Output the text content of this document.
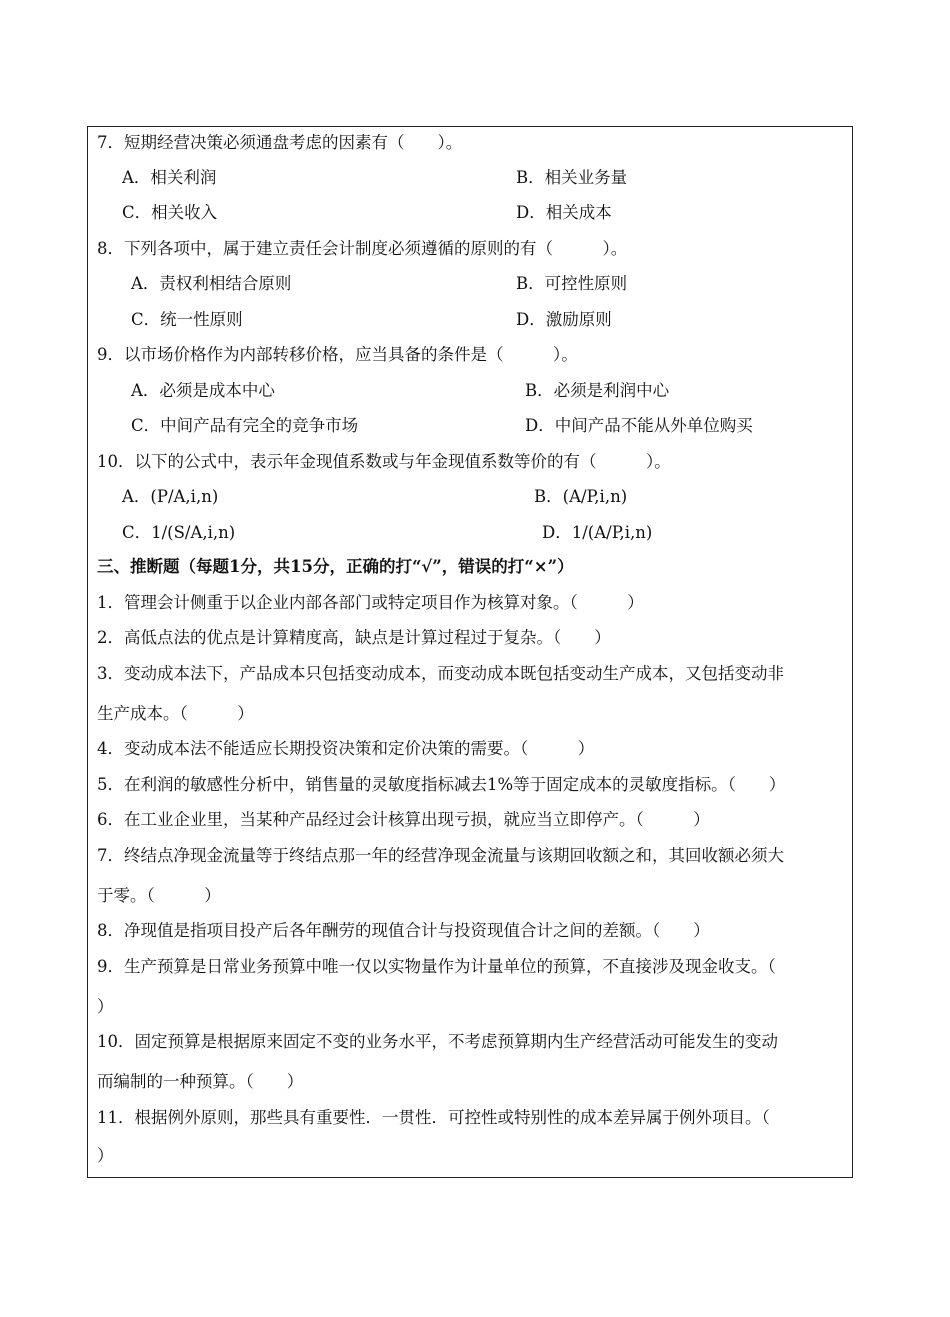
7．短期经营决策必须通盘考虑的因素有（　　）。
A．相关利润	B．相关业务量
C．相关收入	D．相关成本
8．下列各项中，属于建立责任会计制度必须遵循的原则的有（　　　）。
A．责权利相结合原则	B．可控性原则
C．统一性原则	D．激励原则
9．以市场价格作为内部转移价格，应当具备的条件是（　　　）。
A．必须是成本中心	B．必须是利润中心
C．中间产品有完全的竞争市场	D．中间产品不能从外单位购买
10．以下的公式中，表示年金现值系数或与年金现值系数等价的有（　　　）。
A．(P/A,i,n)	B．(A/P,i,n)
C．1/(S/A,i,n)	D．1/(A/P,i,n)
三、推断题（每题1分，共15分，正确的打“√”，错误的打“×”）
1．管理会计侧重于以企业内部各部门或特定项目作为核算对象。（　　　）
2．高低点法的优点是计算精度高，缺点是计算过程过于复杂。（　　）
3．变动成本法下，产品成本只包括变动成本，而变动成本既包括变动生产成本，又包括变动非
生产成本。（　　　）
4．变动成本法不能适应长期投资决策和定价决策的需要。（　　　）
5．在利润的敏感性分析中，销售量的灵敏度指标减去1%等于固定成本的灵敏度指标。（　　）
6．在工业企业里，当某种产品经过会计核算出现亏损，就应当立即停产。（　　　）
7．终结点净现金流量等于终结点那一年的经营净现金流量与该期回收额之和，其回收额必须大
于零。（　　　）
8．净现值是指项目投产后各年酬劳的现值合计与投资现值合计之间的差额。（　　）
9．生产预算是日常业务预算中唯一仅以实物量作为计量单位的预算，不直接涉及现金收支。（
）
10．固定预算是根据原来固定不变的业务水平，不考虑预算期内生产经营活动可能发生的变动
而编制的一种预算。（　　）
11．根据例外原则，那些具有重要性．一贯性．可控性或特别性的成本差异属于例外项目。（
）
